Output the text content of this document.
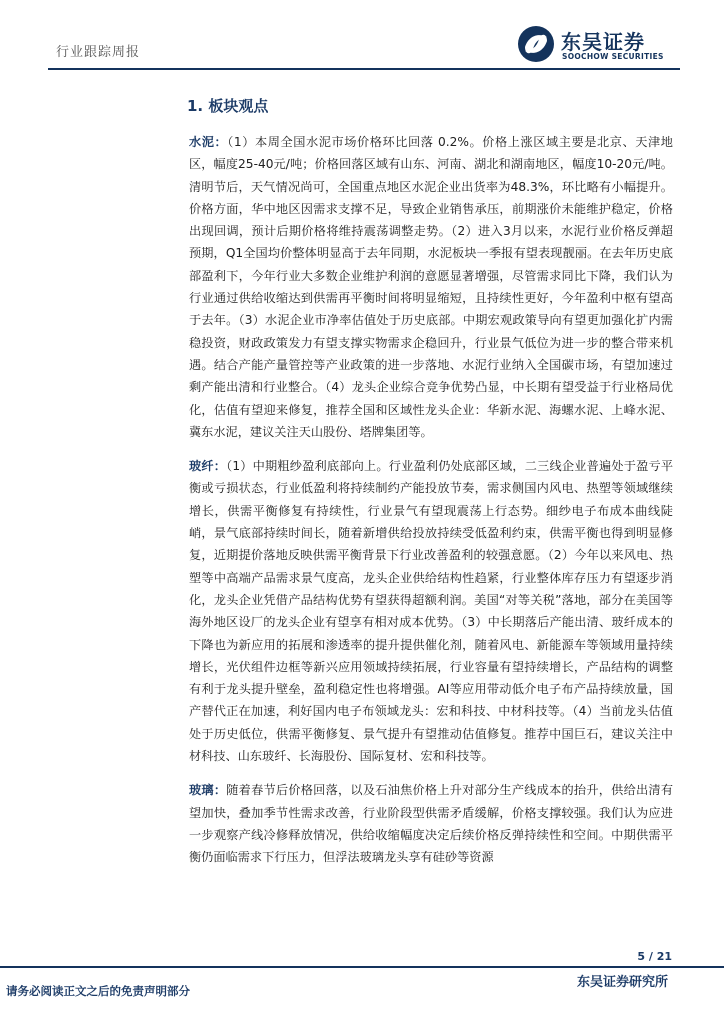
行业跟踪周报	东吴证券
SOOCHOW SECURITIES
1. 板块观点

水泥：（1）本周全国水泥市场价格环比回落 0.2%。价格上涨区域主要是北京、天津地区，幅度25-40元/吨；价格回落区域有山东、河南、湖北和湖南地区，幅度10-20元/吨。清明节后，天气情况尚可，全国重点地区水泥企业出货率为48.3%，环比略有小幅提升。价格方面，华中地区因需求支撑不足，导致企业销售承压，前期涨价未能维护稳定，价格出现回调，预计后期价格将维持震荡调整走势。（2）进入3月以来，水泥行业价格反弹超预期，Q1全国均价整体明显高于去年同期，水泥板块一季报有望表现靓丽。在去年历史底部盈利下，今年行业大多数企业维护利润的意愿显著增强，尽管需求同比下降，我们认为行业通过供给收缩达到供需再平衡时间将明显缩短，且持续性更好，今年盈利中枢有望高于去年。（3）水泥企业市净率估值处于历史底部。中期宏观政策导向有望更加强化扩内需稳投资，财政政策发力有望支撑实物需求企稳回升，行业景气低位为进一步的整合带来机遇。结合产能产量管控等产业政策的进一步落地、水泥行业纳入全国碳市场，有望加速过剩产能出清和行业整合。（4）龙头企业综合竞争优势凸显，中长期有望受益于行业格局优化，估值有望迎来修复，推荐全国和区域性龙头企业：华新水泥、海螺水泥、上峰水泥、冀东水泥，建议关注天山股份、塔牌集团等。

玻纤：（1）中期粗纱盈利底部向上。行业盈利仍处底部区域，二三线企业普遍处于盈亏平衡或亏损状态，行业低盈利将持续制约产能投放节奏，需求侧国内风电、热塑等领域继续增长，供需平衡修复有持续性，行业景气有望现震荡上行态势。细纱电子布成本曲线陡峭，景气底部持续时间长，随着新增供给投放持续受低盈利约束，供需平衡也得到明显修复，近期提价落地反映供需平衡背景下行业改善盈利的较强意愿。（2）今年以来风电、热塑等中高端产品需求景气度高，龙头企业供给结构性趋紧，行业整体库存压力有望逐步消化，龙头企业凭借产品结构优势有望获得超额利润。美国“对等关税”落地，部分在美国等海外地区设厂的龙头企业有望享有相对成本优势。（3）中长期落后产能出清、玻纤成本的下降也为新应用的拓展和渗透率的提升提供催化剂，随着风电、新能源车等领域用量持续增长，光伏组件边框等新兴应用领域持续拓展，行业容量有望持续增长，产品结构的调整有利于龙头提升壁垒，盈利稳定性也将增强。AI等应用带动低介电子布产品持续放量，国产替代正在加速，利好国内电子布领域龙头：宏和科技、中材科技等。（4）当前龙头估值处于历史低位，供需平衡修复、景气提升有望推动估值修复。推荐中国巨石，建议关注中材科技、山东玻纤、长海股份、国际复材、宏和科技等。

玻璃：随着春节后价格回落，以及石油焦价格上升对部分生产线成本的抬升，供给出清有望加快，叠加季节性需求改善，行业阶段型供需矛盾缓解，价格支撑较强。我们认为应进一步观察产线冷修释放情况，供给收缩幅度决定后续价格反弹持续性和空间。中期供需平衡仍面临需求下行压力，但浮法玻璃龙头享有硅砂等资源

5 / 21
请务必阅读正文之后的免责声明部分
东吴证券研究所
